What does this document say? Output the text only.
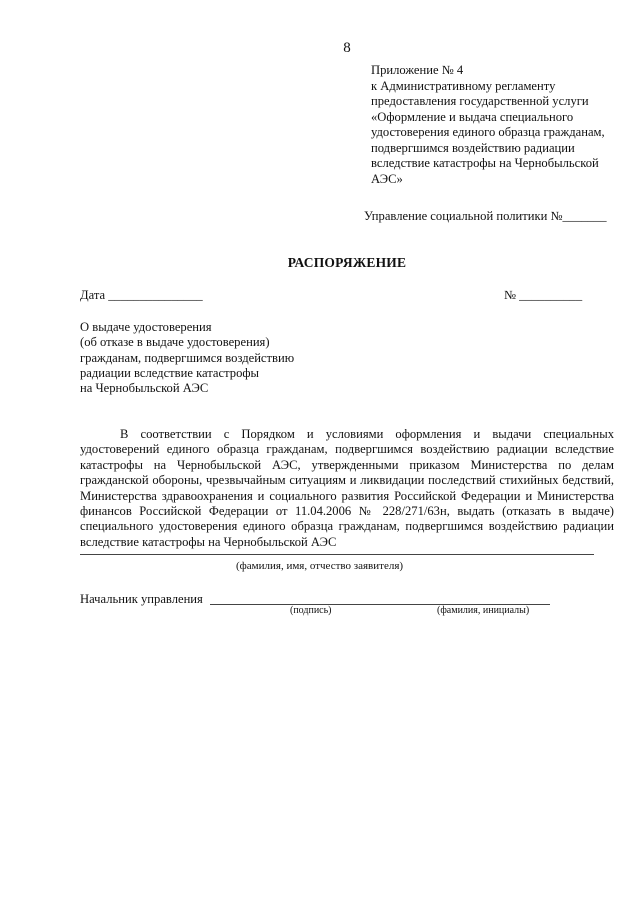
8
Приложение № 4
к Административному регламенту
предоставления государственной услуги
«Оформление и выдача специального
удостоверения единого образца гражданам,
подвергшимся воздействию радиации
вследствие катастрофы на Чернобыльской
АЭС»
Управление социальной политики №_______
РАСПОРЯЖЕНИЕ
Дата _______________	№ __________
О выдаче удостоверения
(об отказе в выдаче удостоверения)
гражданам, подвергшимся воздействию
радиации вследствие катастрофы
на Чернобыльской АЭС
В соответствии с Порядком и условиями оформления и выдачи специальных удостоверений единого образца гражданам, подвергшимся воздействию радиации вследствие катастрофы на Чернобыльской АЭС, утвержденными приказом Министерства по делам гражданской обороны, чрезвычайным ситуациям и ликвидации последствий стихийных бедствий, Министерства здравоохранения и социального развития Российской Федерации и Министерства финансов Российской Федерации от 11.04.2006 № 228/271/63н, выдать (отказать в выдаче) специального удостоверения единого образца гражданам, подвергшимся воздействию радиации вследствие катастрофы на Чернобыльской АЭС
(фамилия, имя, отчество заявителя)
Начальник управления
(подпись)	(фамилия, инициалы)
